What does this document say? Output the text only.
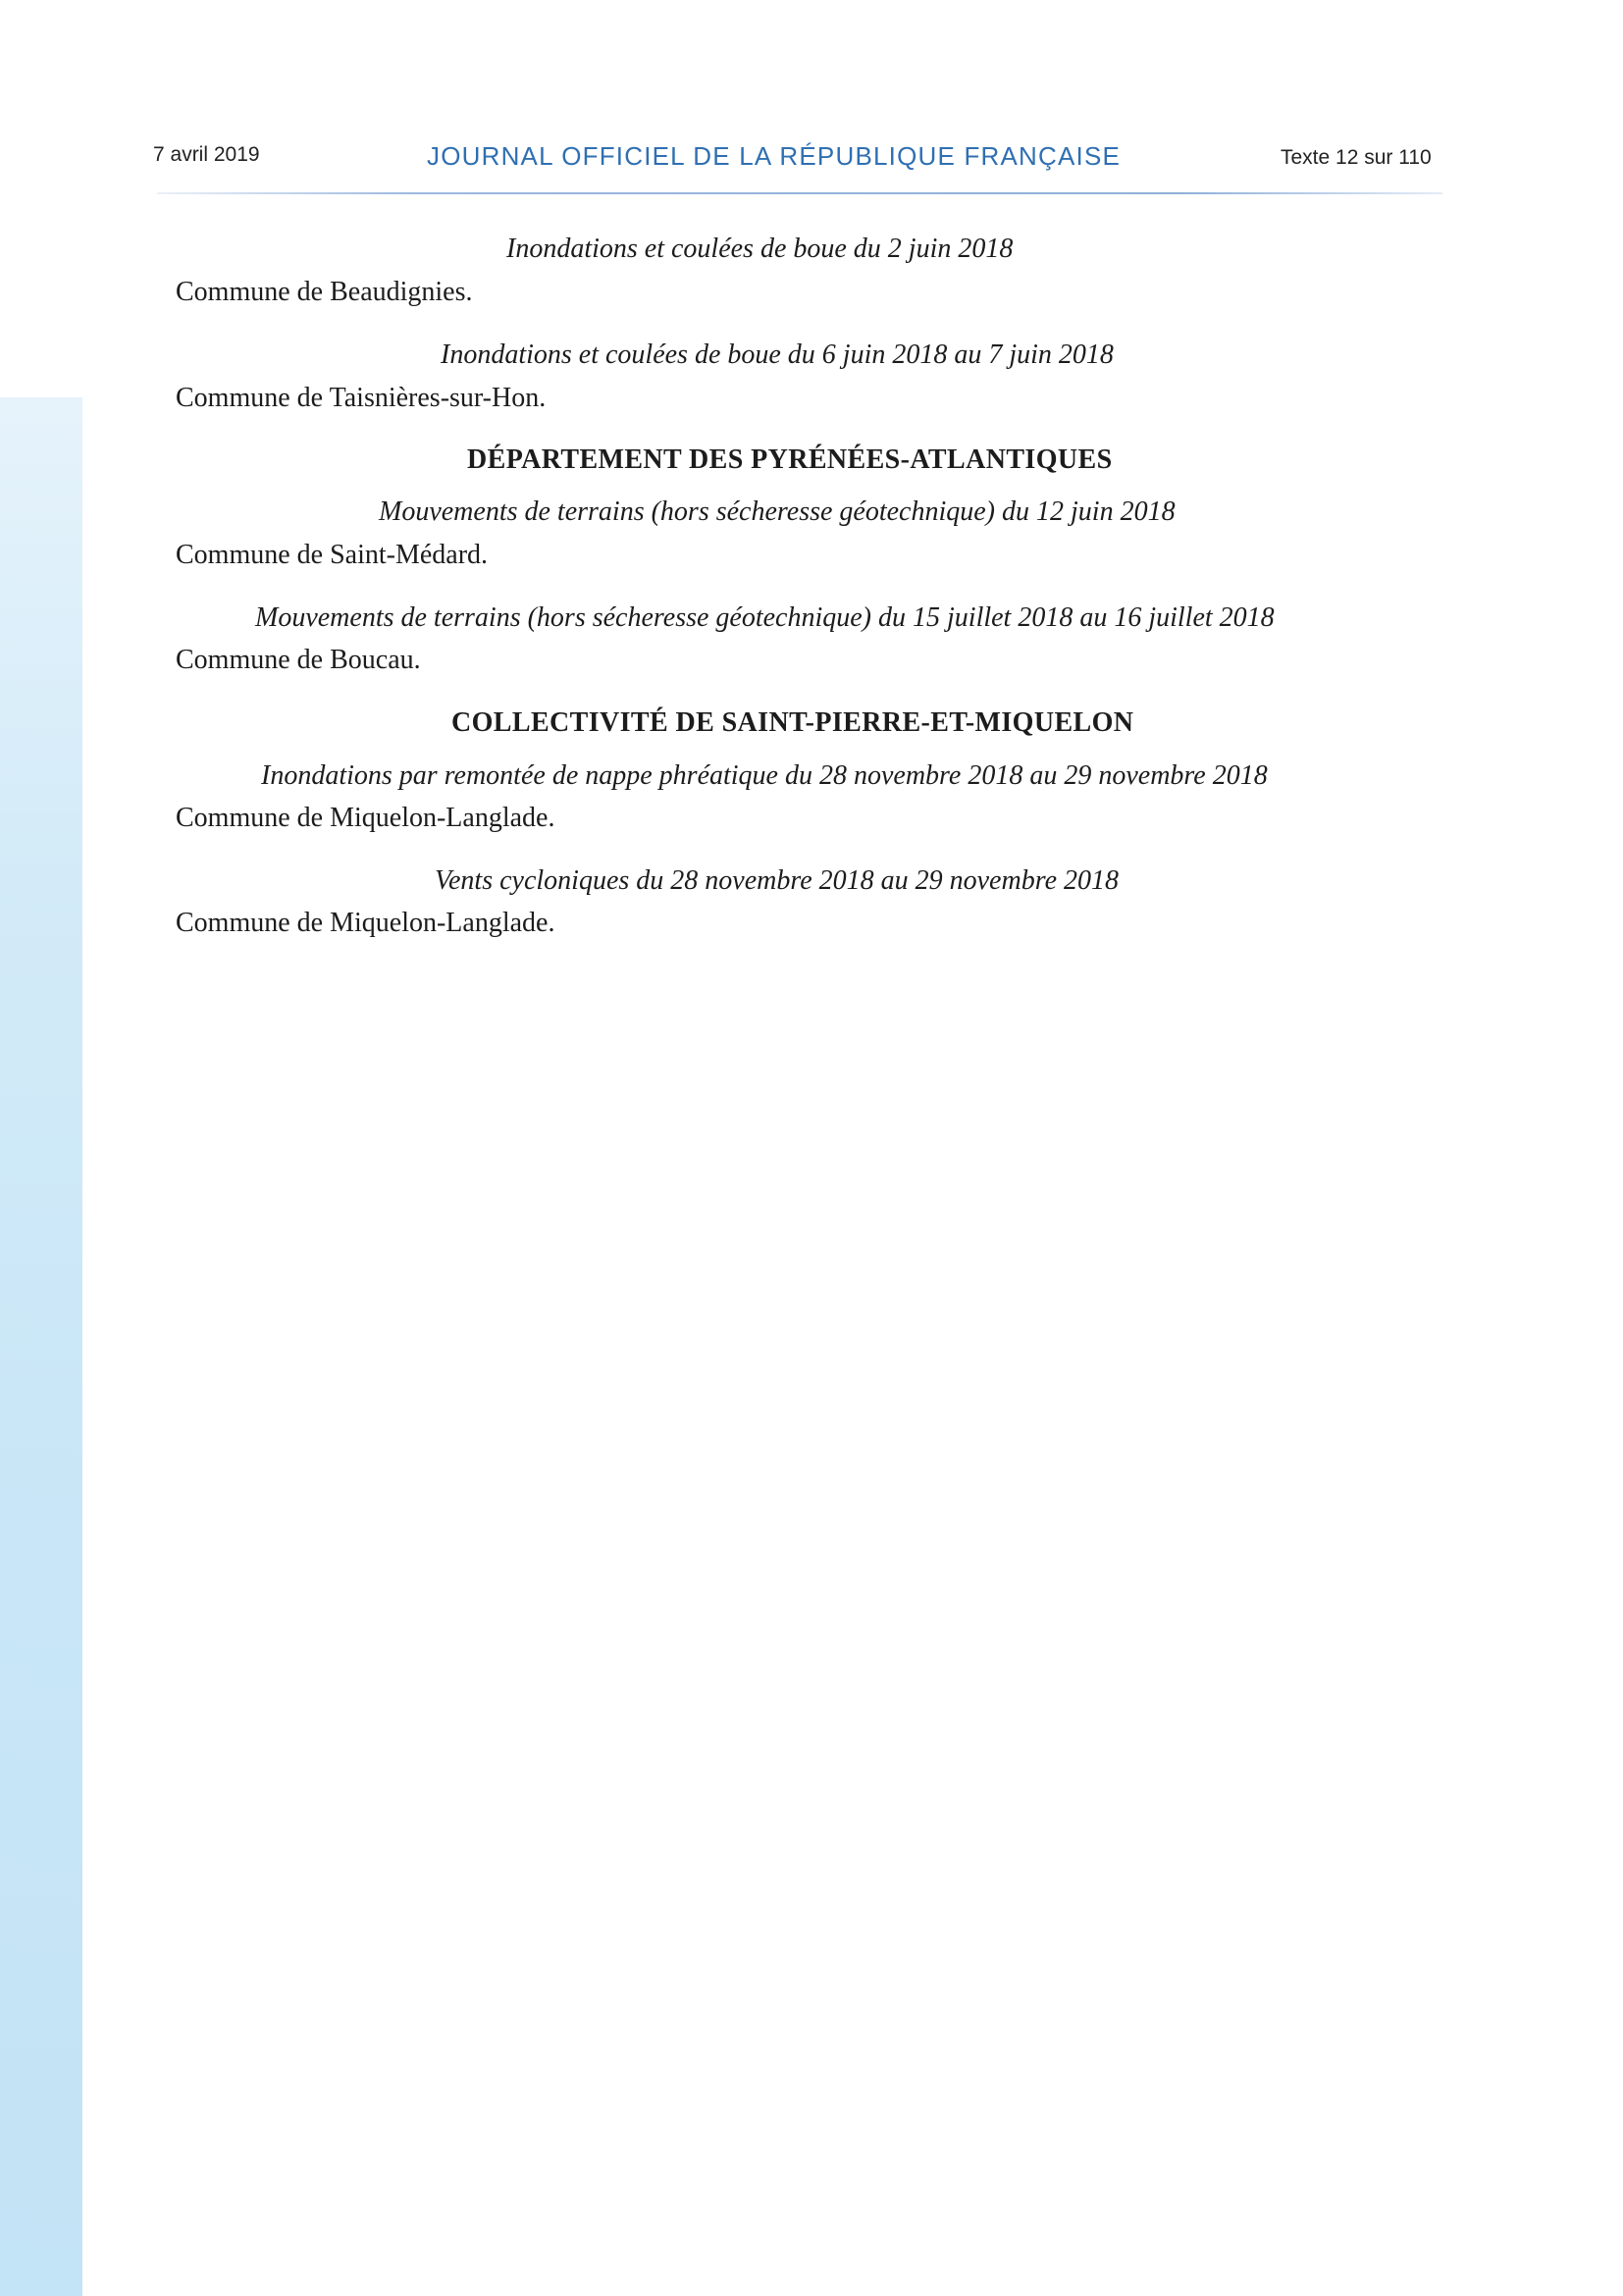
7 avril 2019	JOURNAL OFFICIEL DE LA RÉPUBLIQUE FRANÇAISE	Texte 12 sur 110
Inondations et coulées de boue du 2 juin 2018
Commune de Beaudignies.
Inondations et coulées de boue du 6 juin 2018 au 7 juin 2018
Commune de Taisnières-sur-Hon.
DÉPARTEMENT DES PYRÉNÉES-ATLANTIQUES
Mouvements de terrains (hors sécheresse géotechnique) du 12 juin 2018
Commune de Saint-Médard.
Mouvements de terrains (hors sécheresse géotechnique) du 15 juillet 2018 au 16 juillet 2018
Commune de Boucau.
COLLECTIVITÉ DE SAINT-PIERRE-ET-MIQUELON
Inondations par remontée de nappe phréatique du 28 novembre 2018 au 29 novembre 2018
Commune de Miquelon-Langlade.
Vents cycloniques du 28 novembre 2018 au 29 novembre 2018
Commune de Miquelon-Langlade.
